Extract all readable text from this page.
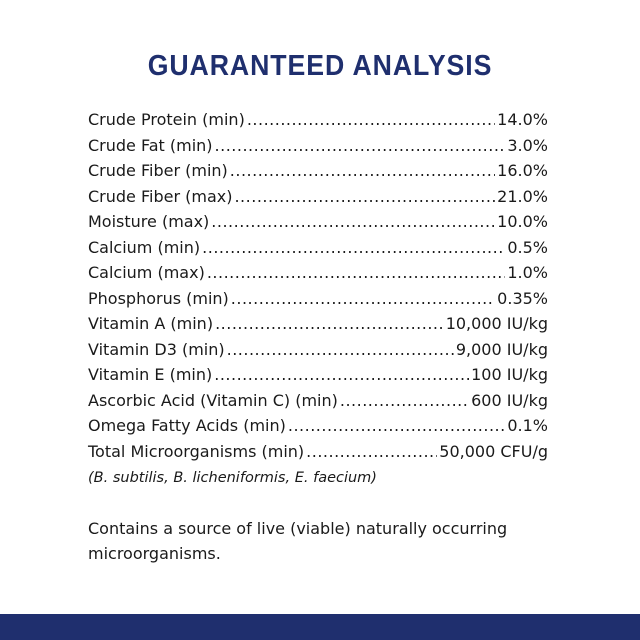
GUARANTEED ANALYSIS
Crude Protein (min) .....	14.0%
Crude Fat (min) .....	3.0%
Crude Fiber (min) .....	16.0%
Crude Fiber (max) .....	21.0%
Moisture (max) .....	10.0%
Calcium (min) .....	0.5%
Calcium (max) .....	1.0%
Phosphorus (min) .....	0.35%
Vitamin A (min) .....	10,000 IU/kg
Vitamin D3 (min) .....	9,000 IU/kg
Vitamin E (min) .....	100 IU/kg
Ascorbic Acid (Vitamin C) (min) .....	600 IU/kg
Omega Fatty Acids (min) .....	0.1%
Total Microorganisms (min) .....	50,000 CFU/g
(B. subtilis, B. licheniformis, E. faecium)
Contains a source of live (viable) naturally occurring microorganisms.
